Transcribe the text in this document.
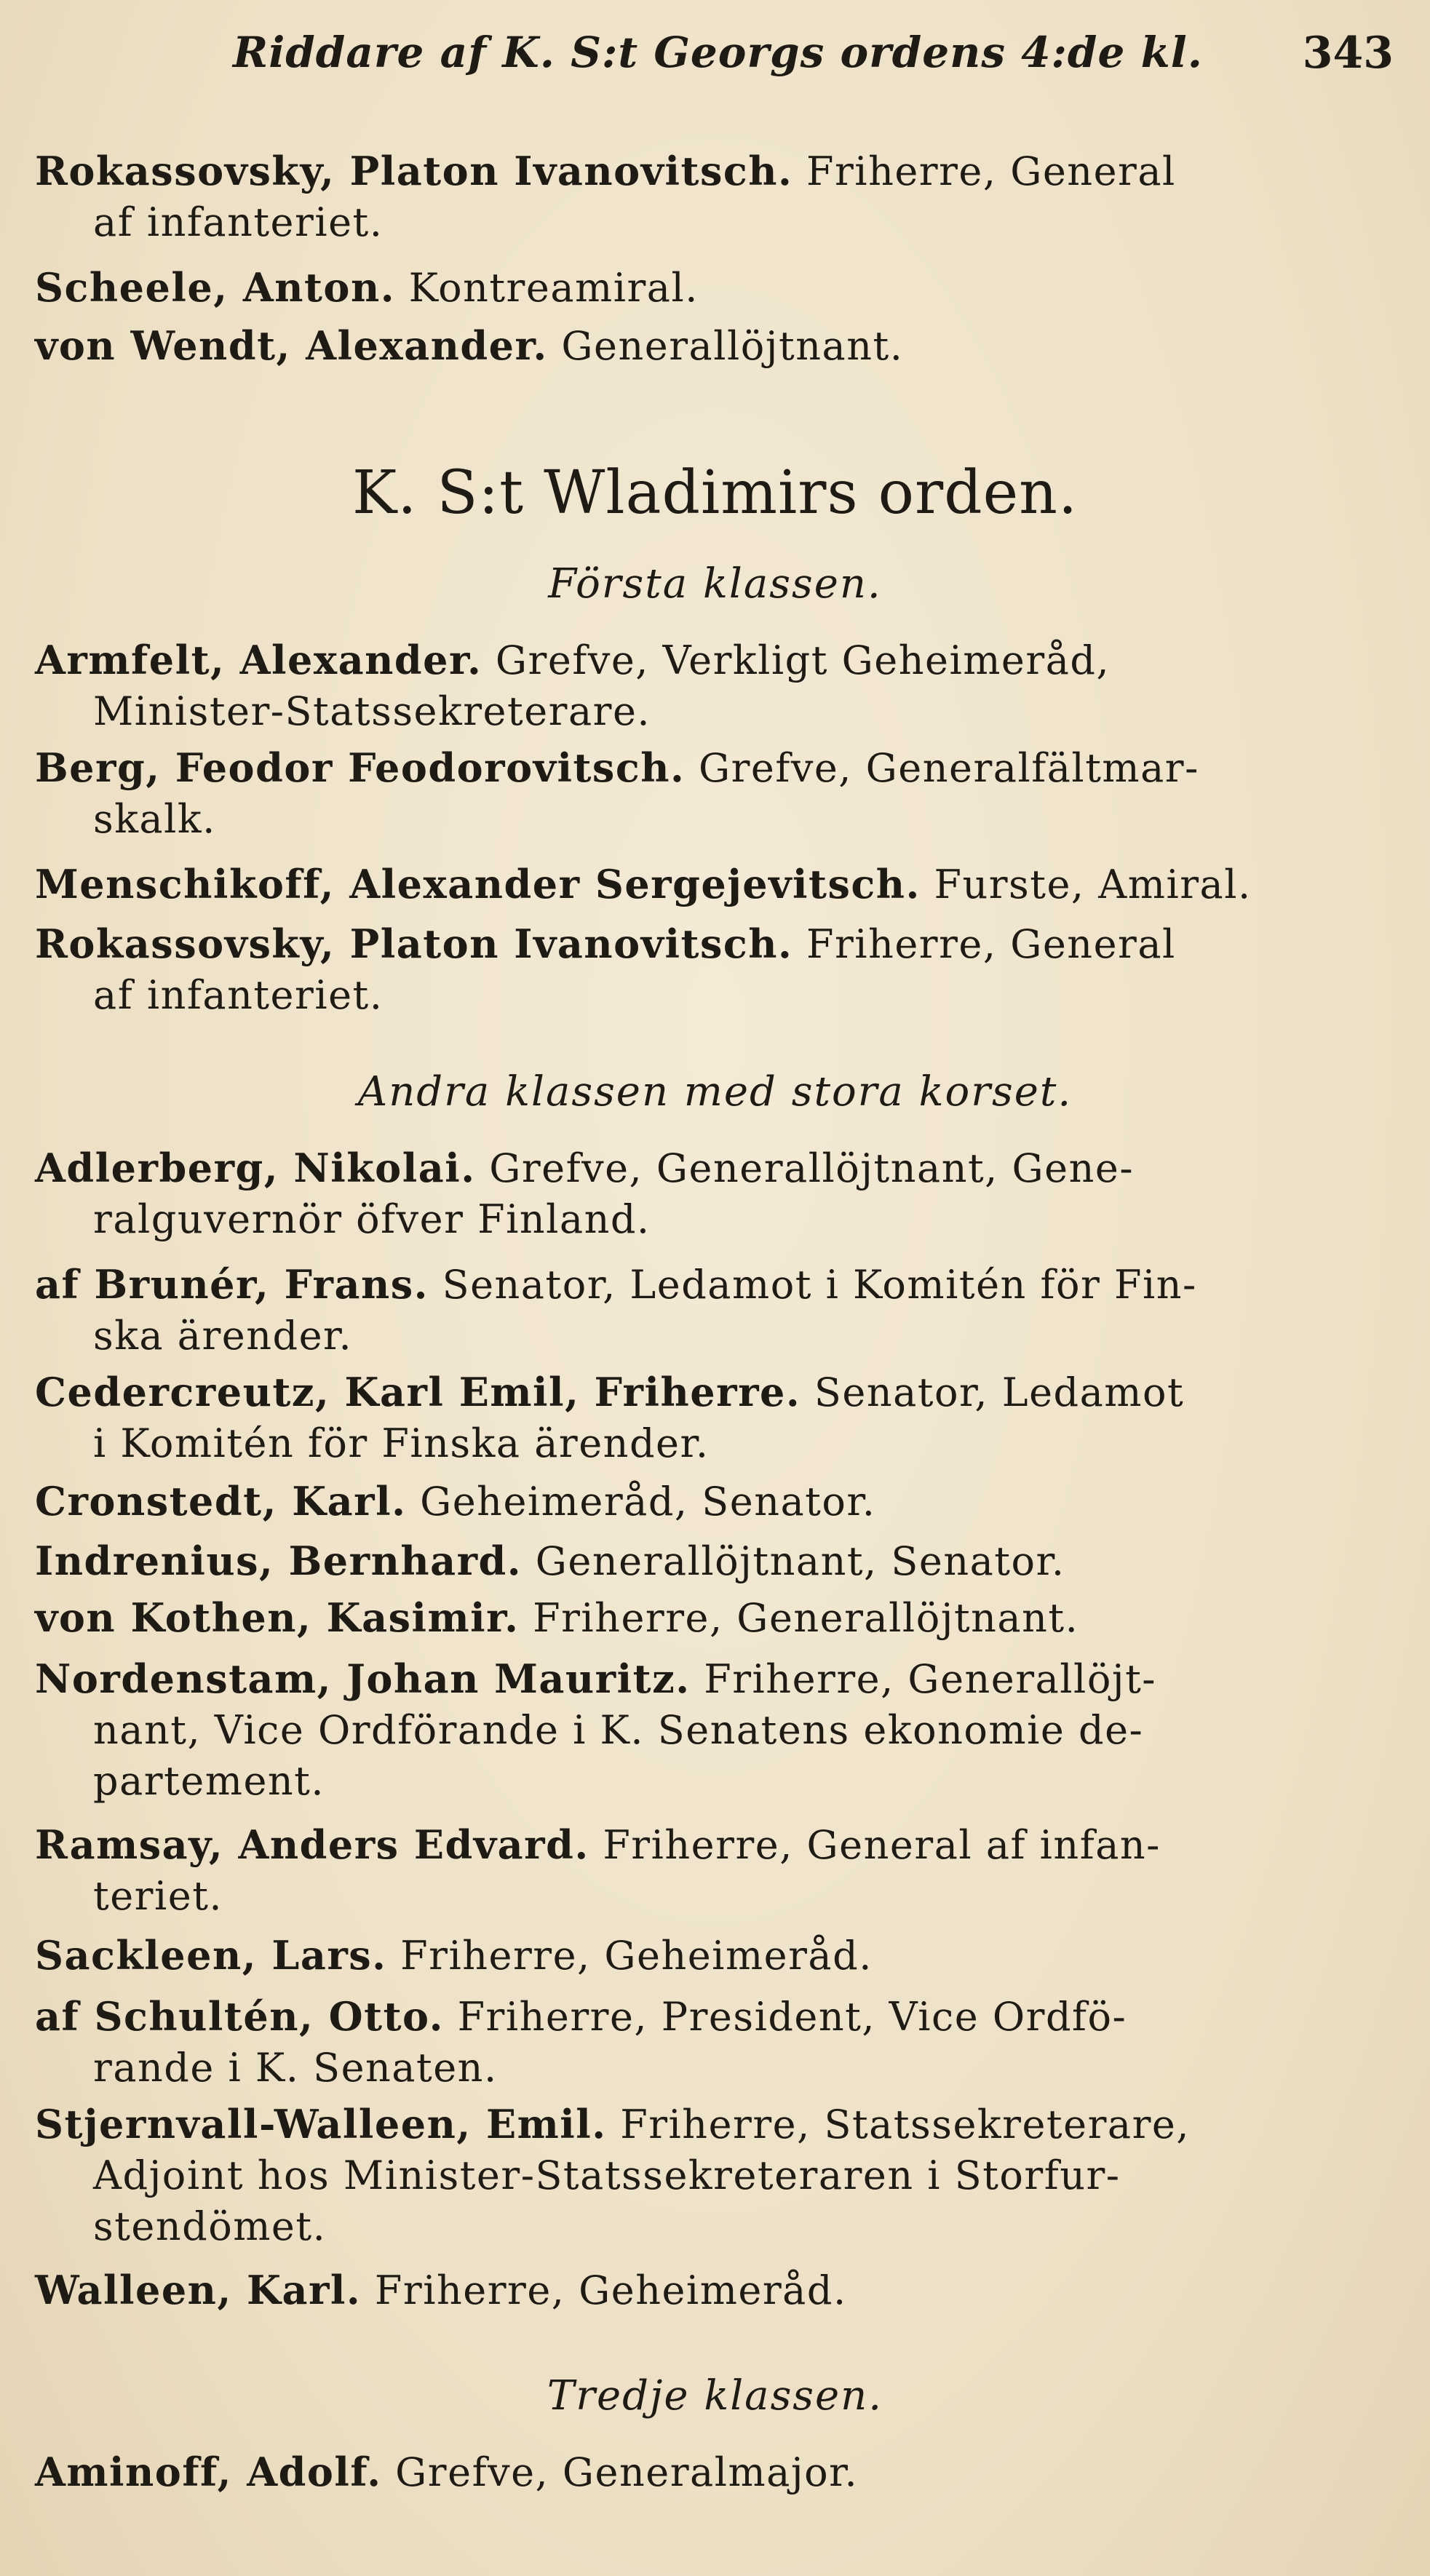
Riddare af K. S:t Georgs ordens 4:de kl. 343
Rokassovsky, Platon Ivanovitsch. Friherre, General
af infanteriet.
Scheele, Anton. Kontreamiral.
von Wendt, Alexander. Generallöjtnant.
K. S:t Wladimirs orden.
Första klassen.
Armfelt, Alexander. Grefve, Verkligt Geheimeråd,
Minister-Statssekreterare.
Berg, Feodor Feodorovitsch. Grefve, Generalfältmar-
skalk.
Menschikoff, Alexander Sergejevitsch. Furste, Amiral.
Rokassovsky, Platon Ivanovitsch. Friherre, General
af infanteriet.
Andra klassen med stora korset.
Adlerberg, Nikolai. Grefve, Generallöjtnant, Gene-
ralguvernör öfver Finland.
af Brunér, Frans. Senator, Ledamot i Komitén för Fin-
ska ärender.
Cedercreutz, Karl Emil, Friherre. Senator, Ledamot
i Komitén för Finska ärender.
Cronstedt, Karl. Geheimeråd, Senator.
Indrenius, Bernhard. Generallöjtnant, Senator.
von Kothen, Kasimir. Friherre, Generallöjtnant.
Nordenstam, Johan Mauritz. Friherre, Generallöjt-
nant, Vice Ordförande i K. Senatens ekonomie de-
partement.
Ramsay, Anders Edvard. Friherre, General af infan-
teriet.
Sackleen, Lars. Friherre, Geheimeråd.
af Schultén, Otto. Friherre, President, Vice Ordfö-
rande i K. Senaten.
Stjernvall-Walleen, Emil. Friherre, Statssekreterare,
Adjoint hos Minister-Statssekreteraren i Storfur-
stendömet.
Walleen, Karl. Friherre, Geheimeråd.
Tredje klassen.
Aminoff, Adolf. Grefve, Generalmajor.
